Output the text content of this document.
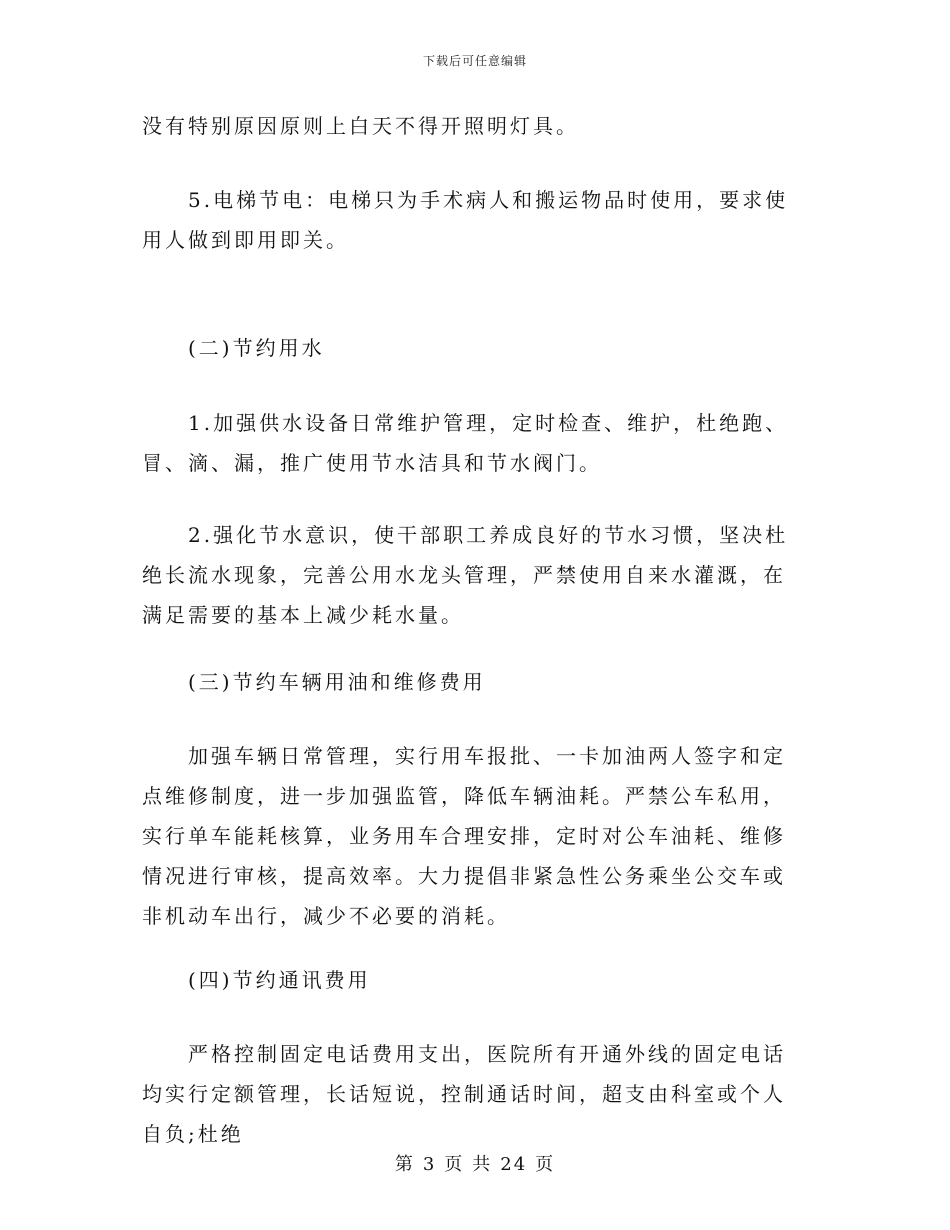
下载后可任意编辑

没有特别原因原则上白天不得开照明灯具。

5.电梯节电：电梯只为手术病人和搬运物品时使用，要求使用人做到即用即关。

(二)节约用水

1.加强供水设备日常维护管理，定时检查、维护，杜绝跑、冒、滴、漏，推广使用节水洁具和节水阀门。

2.强化节水意识，使干部职工养成良好的节水习惯，坚决杜绝长流水现象，完善公用水龙头管理，严禁使用自来水灌溉，在满足需要的基本上减少耗水量。

(三)节约车辆用油和维修费用

加强车辆日常管理，实行用车报批、一卡加油两人签字和定点维修制度，进一步加强监管，降低车辆油耗。严禁公车私用，实行单车能耗核算，业务用车合理安排，定时对公车油耗、维修情况进行审核，提高效率。大力提倡非紧急性公务乘坐公交车或非机动车出行，减少不必要的消耗。

(四)节约通讯费用

严格控制固定电话费用支出，医院所有开通外线的固定电话均实行定额管理，长话短说，控制通话时间，超支由科室或个人自负;杜绝

第 3 页 共 24 页
